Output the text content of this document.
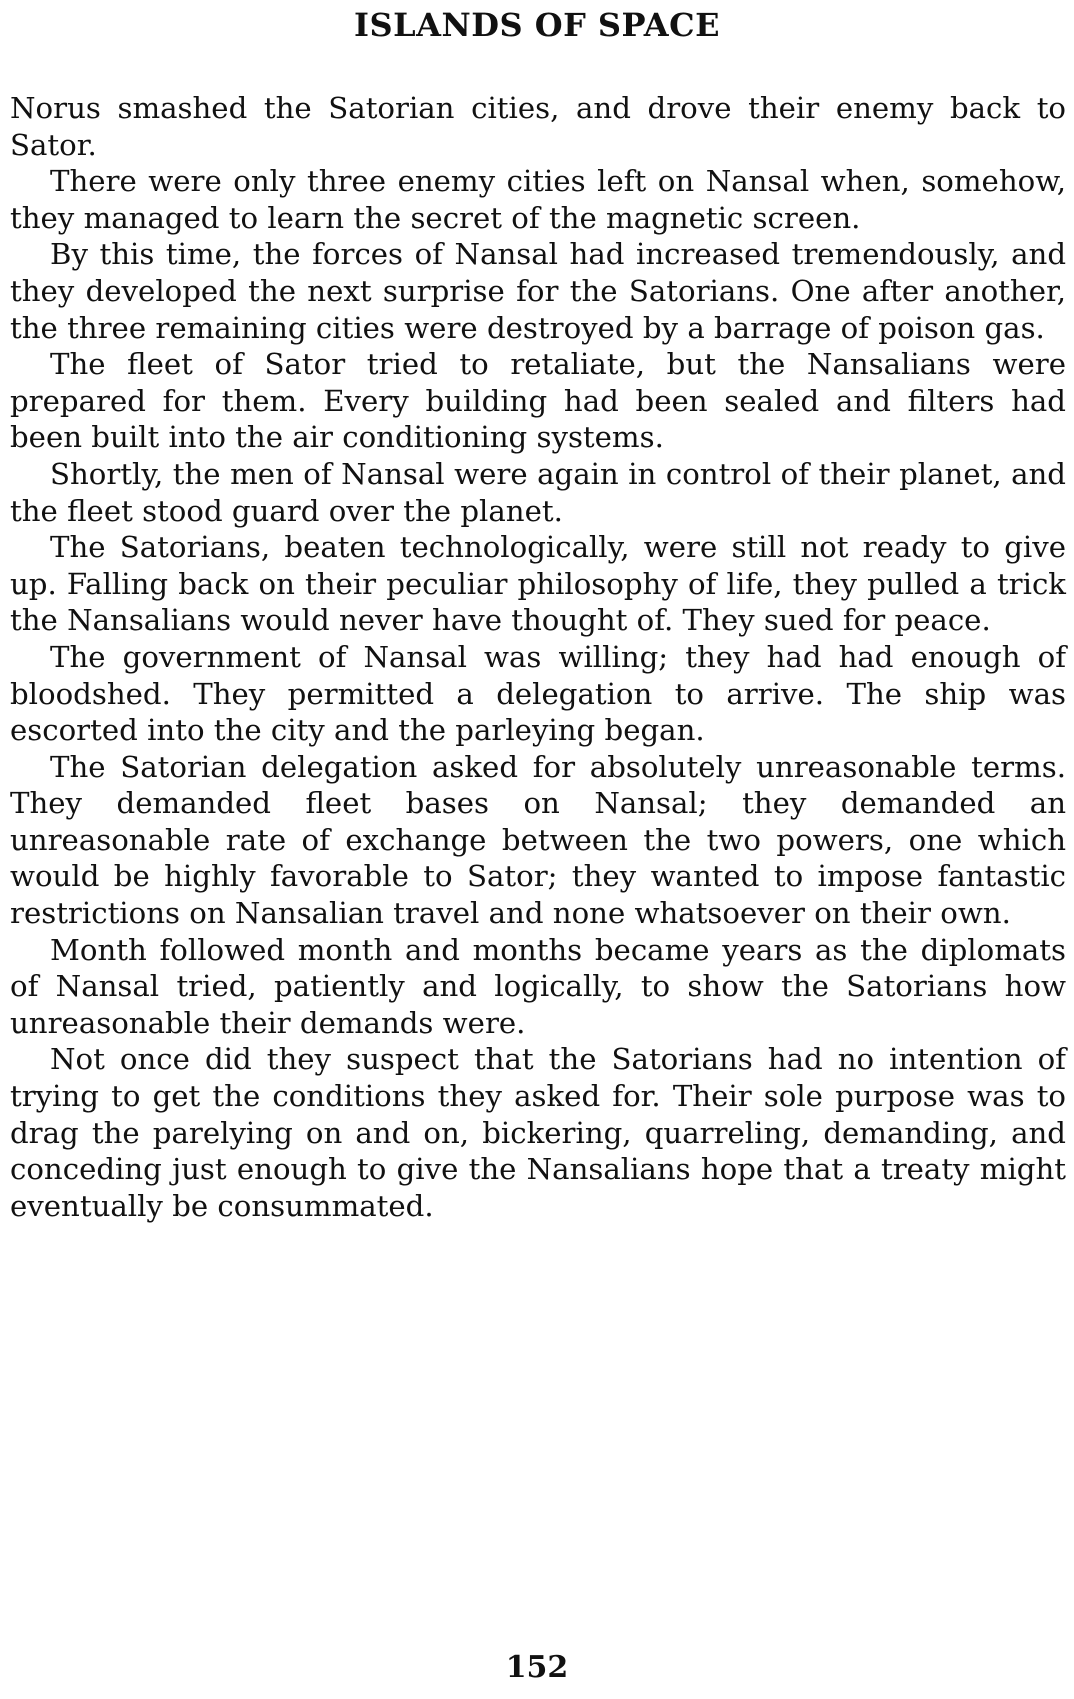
ISLANDS OF SPACE

Norus smashed the Satorian cities, and drove their enemy back to Sator.

There were only three enemy cities left on Nansal when, somehow, they managed to learn the secret of the magnetic screen.

By this time, the forces of Nansal had increased tremendously, and they developed the next surprise for the Satorians. One after another, the three remaining cities were destroyed by a barrage of poison gas.

The fleet of Sator tried to retaliate, but the Nansalians were prepared for them. Every building had been sealed and filters had been built into the air conditioning systems.

Shortly, the men of Nansal were again in control of their planet, and the fleet stood guard over the planet.

The Satorians, beaten technologically, were still not ready to give up. Falling back on their peculiar philosophy of life, they pulled a trick the Nansalians would never have thought of. They sued for peace.

The government of Nansal was willing; they had had enough of bloodshed. They permitted a delegation to arrive. The ship was escorted into the city and the parleying began.

The Satorian delegation asked for absolutely unreasonable terms. They demanded fleet bases on Nansal; they demanded an unreasonable rate of exchange between the two powers, one which would be highly favorable to Sator; they wanted to impose fantastic restrictions on Nansalian travel and none whatsoever on their own.

Month followed month and months became years as the diplomats of Nansal tried, patiently and logically, to show the Satorians how unreasonable their demands were.

Not once did they suspect that the Satorians had no intention of trying to get the conditions they asked for. Their sole purpose was to drag the parelying on and on, bickering, quarreling, demanding, and conceding just enough to give the Nansalians hope that a treaty might eventually be consummated.

152
